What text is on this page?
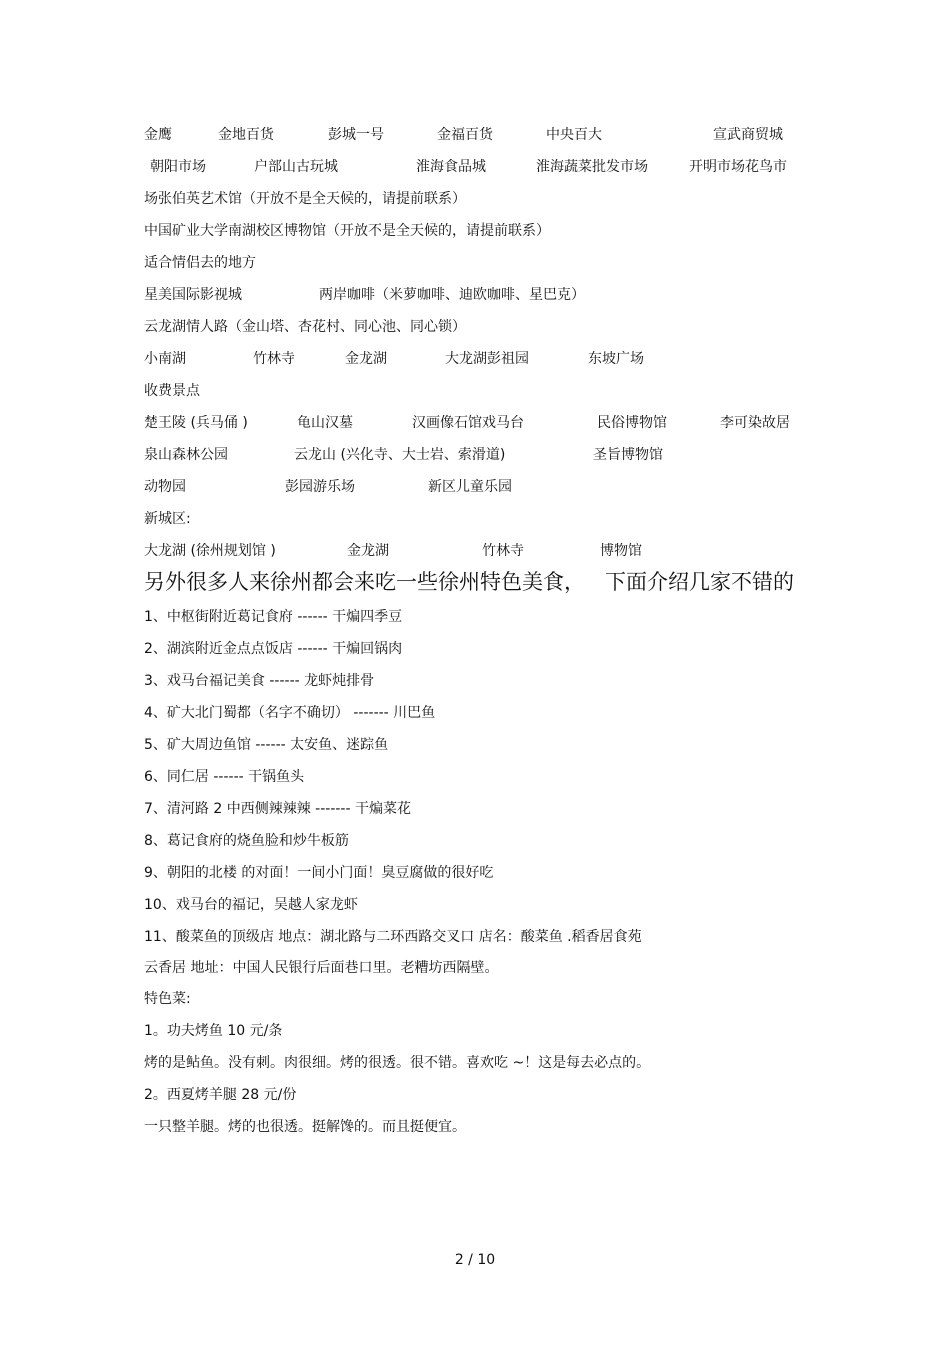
金鹰	金地百货	彭城一号	金福百货	中央百大	宣武商贸城
朝阳市场	户部山古玩城	淮海食品城	淮海蔬菜批发市场	开明市场花鸟市
场张伯英艺术馆（开放不是全天候的，请提前联系）
中国矿业大学南湖校区博物馆（开放不是全天候的，请提前联系）
适合情侣去的地方
星美国际影视城	两岸咖啡（米萝咖啡、迪欧咖啡、星巴克）
云龙湖情人路（金山塔、杏花村、同心池、同心锁）
小南湖	竹林寺	金龙湖	大龙湖彭祖园	东坡广场
收费景点
楚王陵 (兵马俑 )	龟山汉墓	汉画像石馆戏马台	民俗博物馆	李可染故居
泉山森林公园	云龙山 (兴化寺、大士岩、索滑道)	圣旨博物馆
动物园	彭园游乐场	新区儿童乐园
新城区:
大龙湖 (徐州规划馆 )	金龙湖	竹林寺	博物馆
另外很多人来徐州都会来吃一些徐州特色美食， 下面介绍几家不错的
1、中枢街附近葛记食府 ------ 干煸四季豆
2、湖滨附近金点点饭店 ------ 干煸回锅肉
3、戏马台福记美食 ------ 龙虾炖排骨
4、矿大北门蜀都（名字不确切） ------- 川巴鱼
5、矿大周边鱼馆 ------ 太安鱼、迷踪鱼
6、同仁居 ------ 干锅鱼头
7、清河路 2 中西侧辣辣辣 ------- 干煸菜花
8、葛记食府的烧鱼脸和炒牛板筋
9、朝阳的北楼 的对面！一间小门面！臭豆腐做的很好吃
10、戏马台的福记，吴越人家龙虾
11、酸菜鱼的顶级店 地点：湖北路与二环西路交叉口 店名：酸菜鱼 .稻香居食苑
云香居 地址：中国人民银行后面巷口里。老糟坊西隔壁。
特色菜:
1。功夫烤鱼 10 元/条
烤的是鲇鱼。没有刺。肉很细。烤的很透。很不错。喜欢吃 ~！这是每去必点的。
2。西夏烤羊腿 28 元/份
一只整羊腿。烤的也很透。挺解馋的。而且挺便宜。
2 / 10
